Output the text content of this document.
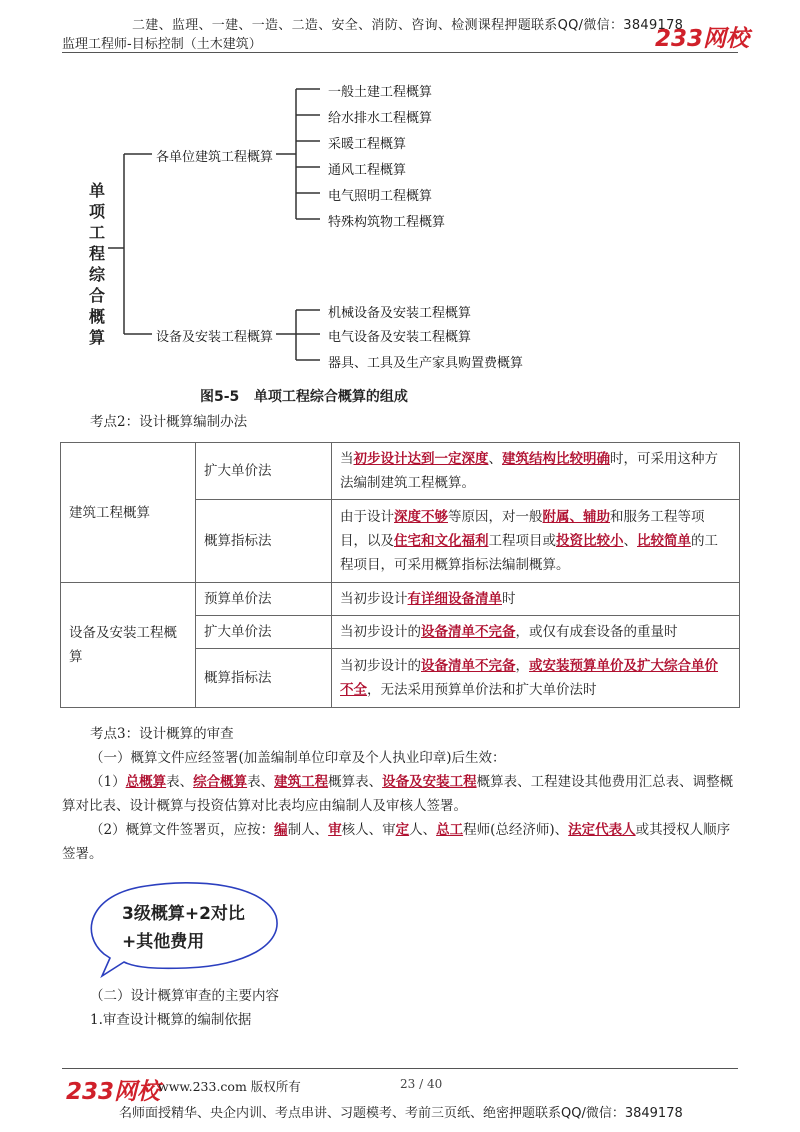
二建、监理、一建、一造、二造、安全、消防、咨询、检测课程押题联系QQ/微信：3849178
监理工程师-目标控制（土木建筑）	233网校
单项工程综合概算
各单位建筑工程概算
设备及安装工程概算
一般土建工程概算
给水排水工程概算
采暖工程概算
通风工程概算
电气照明工程概算
特殊构筑物工程概算
机械设备及安装工程概算
电气设备及安装工程概算
器具、工具及生产家具购置费概算
图5-5   单项工程综合概算的组成
考点2：设计概算编制办法
建筑工程概算	扩大单价法	当初步设计达到一定深度、建筑结构比较明确时，可采用这种方法编制建筑工程概算。
	概算指标法	由于设计深度不够等原因，对一般附属、辅助和服务工程等项目，以及住宅和文化福利工程项目或投资比较小、比较简单的工程项目，可采用概算指标法编制概算。
设备及安装工程概算	预算单价法	当初步设计有详细设备清单时
	扩大单价法	当初步设计的设备清单不完备，或仅有成套设备的重量时
	概算指标法	当初步设计的设备清单不完备，或安装预算单价及扩大综合单价不全，无法采用预算单价法和扩大单价法时
考点3：设计概算的审查
（一）概算文件应经签署(加盖编制单位印章及个人执业印章)后生效：
（1）总概算表、综合概算表、建筑工程概算表、设备及安装工程概算表、工程建设其他费用汇总表、调整概算对比表、设计概算与投资估算对比表均应由编制人及审核人签署。
（2）概算文件签署页，应按：编制人、审核人、审定人、总工程师(总经济师)、法定代表人或其授权人顺序签署。
3级概算+2对比
+其他费用
（二）设计概算审查的主要内容
1.审查设计概算的编制依据
233网校
www.233.com 版权所有	23 / 40
名师面授精华、央企内训、考点串讲、习题模考、考前三页纸、绝密押题联系QQ/微信：3849178
